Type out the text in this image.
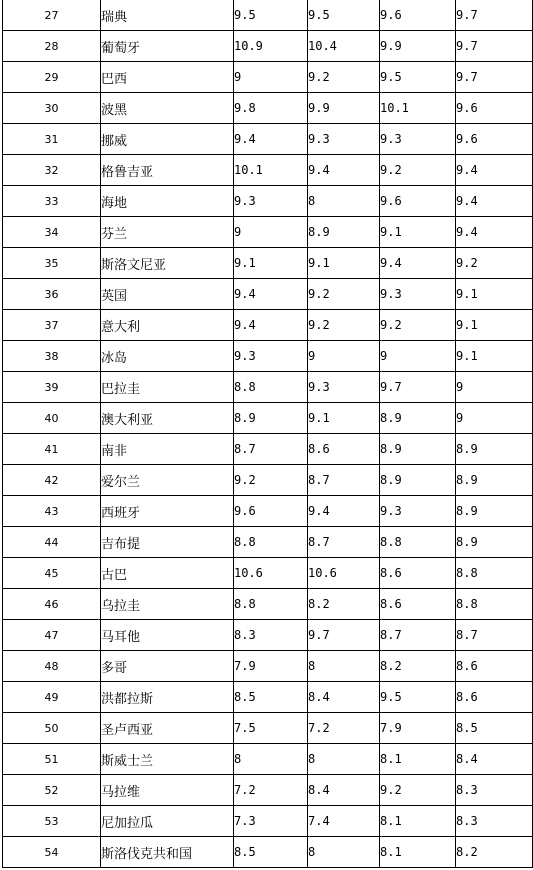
27	瑞典	9.5	9.5	9.6	9.7
28	葡萄牙	10.9	10.4	9.9	9.7
29	巴西	9	9.2	9.5	9.7
30	波黑	9.8	9.9	10.1	9.6
31	挪威	9.4	9.3	9.3	9.6
32	格鲁吉亚	10.1	9.4	9.2	9.4
33	海地	9.3	8	9.6	9.4
34	芬兰	9	8.9	9.1	9.4
35	斯洛文尼亚	9.1	9.1	9.4	9.2
36	英国	9.4	9.2	9.3	9.1
37	意大利	9.4	9.2	9.2	9.1
38	冰岛	9.3	9	9	9.1
39	巴拉圭	8.8	9.3	9.7	9
40	澳大利亚	8.9	9.1	8.9	9
41	南非	8.7	8.6	8.9	8.9
42	爱尔兰	9.2	8.7	8.9	8.9
43	西班牙	9.6	9.4	9.3	8.9
44	吉布提	8.8	8.7	8.8	8.9
45	古巴	10.6	10.6	8.6	8.8
46	乌拉圭	8.8	8.2	8.6	8.8
47	马耳他	8.3	9.7	8.7	8.7
48	多哥	7.9	8	8.2	8.6
49	洪都拉斯	8.5	8.4	9.5	8.6
50	圣卢西亚	7.5	7.2	7.9	8.5
51	斯威士兰	8	8	8.1	8.4
52	马拉维	7.2	8.4	9.2	8.3
53	尼加拉瓜	7.3	7.4	8.1	8.3
54	斯洛伐克共和国	8.5	8	8.1	8.2
